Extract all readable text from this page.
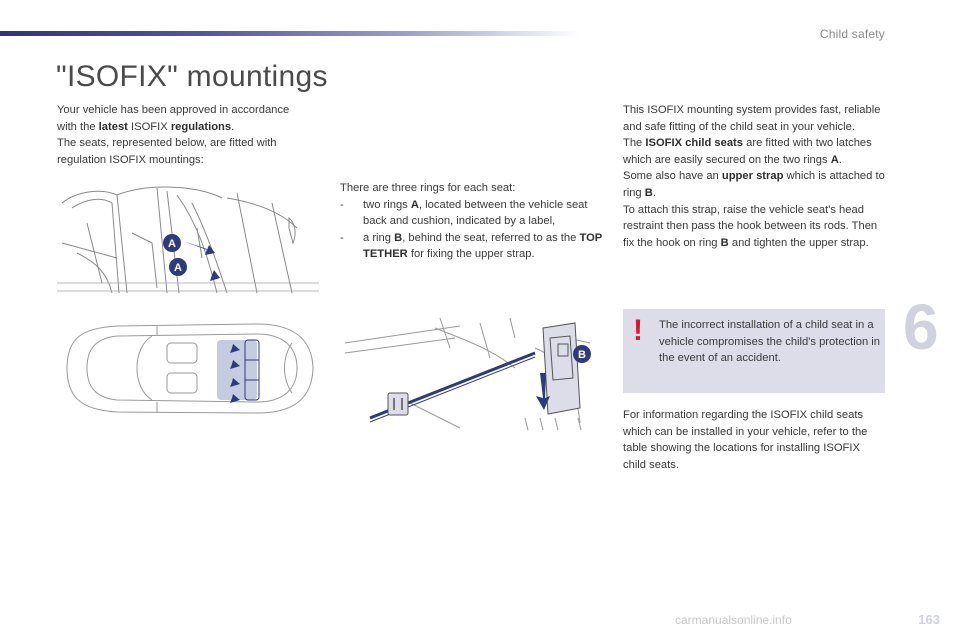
Child safety
"ISOFIX" mountings

Your vehicle has been approved in accordance
with the latest ISOFIX regulations.
The seats, represented below, are fitted with
regulation ISOFIX mountings:

A
A
There are three rings for each seat:
-	two rings A, located between the vehicle seat back and cushion, indicated by a label,
-	a ring B, behind the seat, referred to as the TOP TETHER for fixing the upper strap.
B

This ISOFIX mounting system provides fast, reliable and safe fitting of the child seat in your vehicle.

The ISOFIX child seats are fitted with two latches which are easily secured on the two rings A.

Some also have an upper strap which is attached to ring B.

To attach this strap, raise the vehicle seat's head restraint then pass the hook between its rods. Then fix the hook on ring B and tighten the upper strap.

! The incorrect installation of a child seat in a vehicle compromises the child's protection in the event of an accident.

For information regarding the ISOFIX child seats which can be installed in your vehicle, refer to the table showing the locations for installing ISOFIX child seats.

6
163
carmanualsonline.info
